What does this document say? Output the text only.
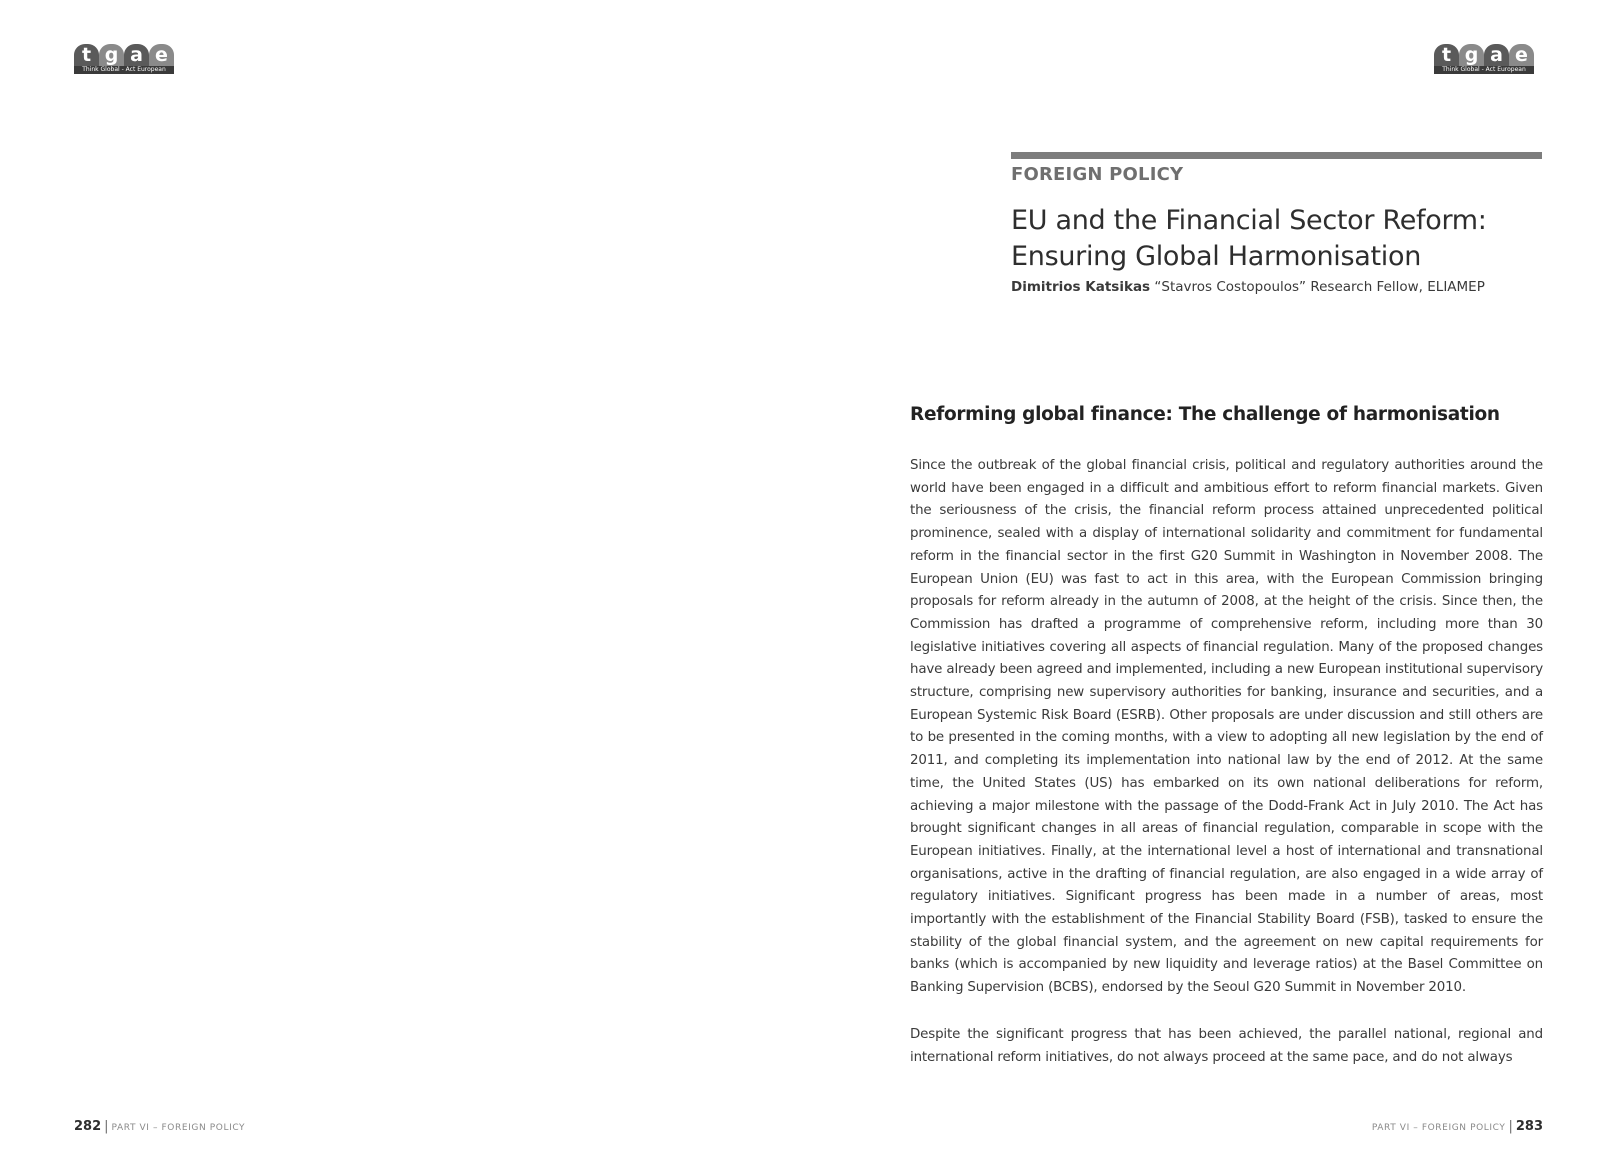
t g a e
Think Global - Act European
t g a e
Think Global - Act European
FOREIGN POLICY
EU and the Financial Sector Reform:
Ensuring Global Harmonisation
Dimitrios Katsikas “Stavros Costopoulos” Research Fellow, ELIAMEP
Reforming global finance: The challenge of harmonisation

Since the outbreak of the global financial crisis, political and regulatory authorities around the world have been engaged in a difficult and ambitious effort to reform financial markets. Given the seriousness of the crisis, the financial reform process attained unprecedented political prominence, sealed with a display of international solidarity and commitment for fundamental reform in the financial sector in the first G20 Summit in Washington in November 2008. The European Union (EU) was fast to act in this area, with the European Commission bringing proposals for reform already in the autumn of 2008, at the height of the crisis. Since then, the Commission has drafted a programme of comprehensive reform, including more than 30 legislative initiatives covering all aspects of financial regulation. Many of the proposed changes have already been agreed and implemented, including a new European institutional supervisory structure, comprising new supervisory authorities for banking, insurance and securities, and a European Systemic Risk Board (ESRB). Other proposals are under discussion and still others are to be presented in the coming months, with a view to adopting all new legislation by the end of 2011, and completing its implementation into national law by the end of 2012. At the same time, the United States (US) has embarked on its own national deliberations for reform, achieving a major milestone with the passage of the Dodd-Frank Act in July 2010. The Act has brought significant changes in all areas of financial regulation, comparable in scope with the European initiatives. Finally, at the international level a host of international and transnational organisations, active in the drafting of financial regulation, are also engaged in a wide array of regulatory initiatives. Significant progress has been made in a number of areas, most importantly with the establishment of the Financial Stability Board (FSB), tasked to ensure the stability of the global financial system, and the agreement on new capital requirements for banks (which is accompanied by new liquidity and leverage ratios) at the Basel Committee on Banking Supervision (BCBS), endorsed by the Seoul G20 Summit in November 2010.

Despite the significant progress that has been achieved, the parallel national, regional and international reform initiatives, do not always proceed at the same pace, and do not always

282 | PART VI – FOREIGN POLICY	PART VI – FOREIGN POLICY | 283
